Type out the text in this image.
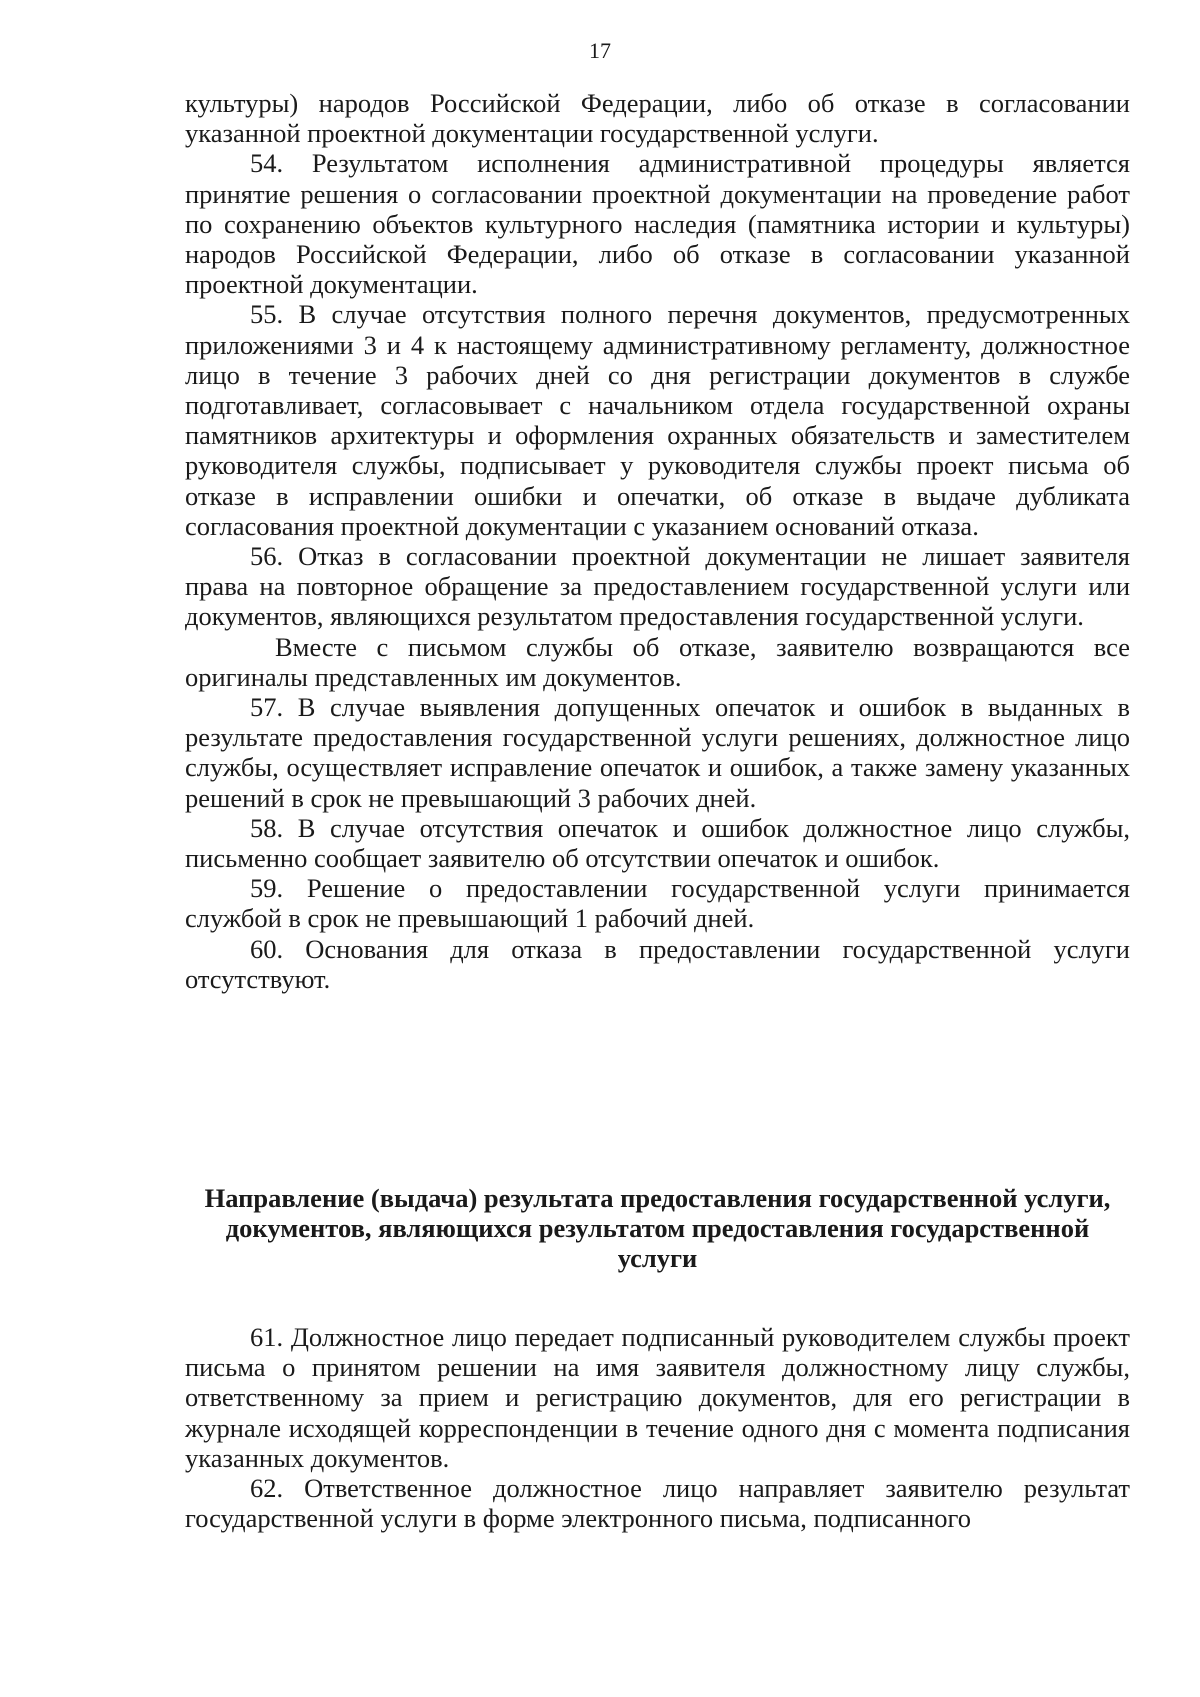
17

культуры) народов Российской Федерации, либо об отказе в согласовании указанной проектной документации государственной услуги.

54. Результатом исполнения административной процедуры является принятие решения о согласовании проектной документации на проведение работ по сохранению объектов культурного наследия (памятника истории и культуры) народов Российской Федерации, либо об отказе в согласовании указанной проектной документации.

55. В случае отсутствия полного перечня документов, предусмотренных приложениями 3 и 4 к настоящему административному регламенту, должностное лицо в течение 3 рабочих дней со дня регистрации документов в службе подготавливает, согласовывает с начальником отдела государственной охраны памятников архитектуры и оформления охранных обязательств и заместителем руководителя службы, подписывает у руководителя службы проект письма об отказе в исправлении ошибки и опечатки, об отказе в выдаче дубликата согласования проектной документации с указанием оснований отказа.

56. Отказ в согласовании проектной документации не лишает заявителя права на повторное обращение за предоставлением государственной услуги или документов, являющихся результатом предоставления государственной услуги.

Вместе с письмом службы об отказе, заявителю возвращаются все оригиналы представленных им документов.

57. В случае выявления допущенных опечаток и ошибок в выданных в результате предоставления государственной услуги решениях, должностное лицо службы, осуществляет исправление опечаток и ошибок, а также замену указанных решений в срок не превышающий 3 рабочих дней.

58. В случае отсутствия опечаток и ошибок должностное лицо службы, письменно сообщает заявителю об отсутствии опечаток и ошибок.

59. Решение о предоставлении государственной услуги принимается службой в срок не превышающий 1 рабочий дней.

60. Основания для отказа в предоставлении государственной услуги отсутствуют.

Направление (выдача) результата предоставления государственной услуги, документов, являющихся результатом предоставления государственной услуги

61. Должностное лицо передает подписанный руководителем службы проект письма о принятом решении на имя заявителя должностному лицу службы, ответственному за прием и регистрацию документов, для его регистрации в журнале исходящей корреспонденции в течение одного дня с момента подписания указанных документов.

62. Ответственное должностное лицо направляет заявителю результат государственной услуги в форме электронного письма, подписанного
